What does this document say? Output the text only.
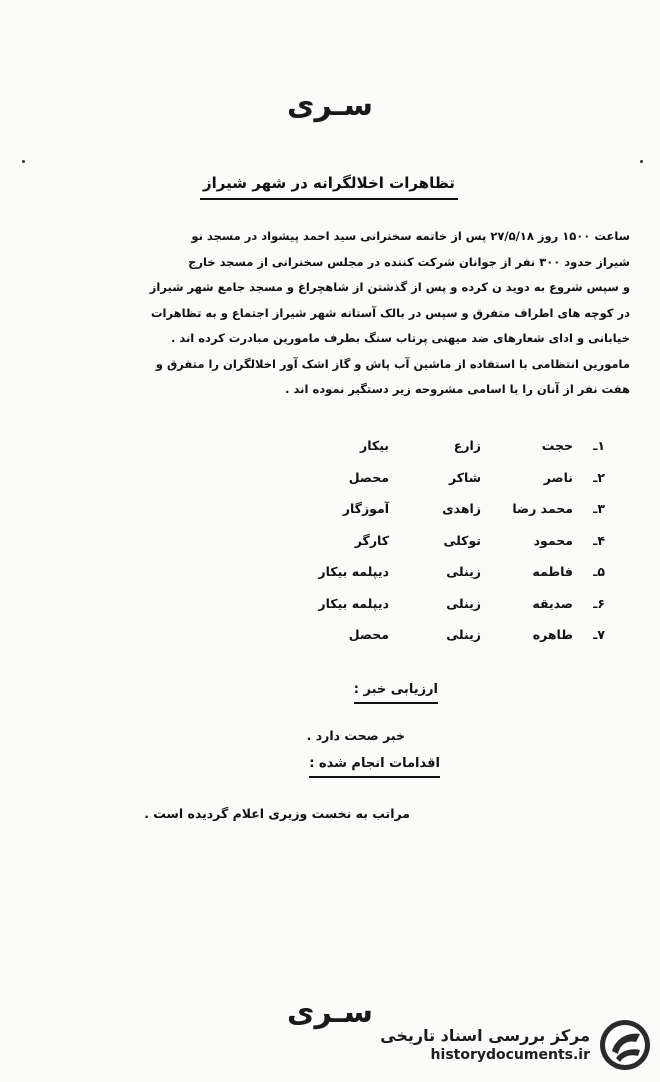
سـری
تظاهرات اخلالگرانه در شهر شیراز

ساعت ۱۵۰۰ روز ۲۷/۵/۱۸ پس از خاتمه سخنرانی سید احمد پیشواد در مسجد نو

شیراز حدود ۳۰۰ نفر از جوانان شرکت کننده در مجلس سخنرانی از مسجد خارج

و سپس شروع به دوید ن کرده و پس از گذشتن از شاهچراغ و مسجد جامع شهر شیراز

در کوچه های اطراف متفرق و سپس در بالک آستانه شهر شیراز اجتماع و به تظاهرات

خیابانی و ادای شعارهای ضد میهنی پرتاب سنگ بطرف مامورین مبادرت کرده اند .

مامورین انتظامی با استفاده از ماشین آب پاش و گاز اشک آور اخلالگران را متفرق و

هفت نفر از آنان را با اسامی مشروحه زیر دستگیر نموده اند .

۱ـ
حجت
زارع
بیکار
۲ـ
ناصر
شاکر
محصل
۳ـ
محمد رضا
زاهدی
آموزگار
۴ـ
محمود
توکلی
کارگر
۵ـ
فاطمه
زینلی
دیپلمه بیکار
۶ـ
صدیقه
زینلی
دیپلمه بیکار
۷ـ
طاهره
زینلی
محصل
ارزیابی خبر :
خبر صحت دارد .
اقدامات انجام شده :
مراتب به نخست وزیری اعلام گردیده است .
سـری
مرکز بررسی اسناد تاریخی
historydocuments.ir
